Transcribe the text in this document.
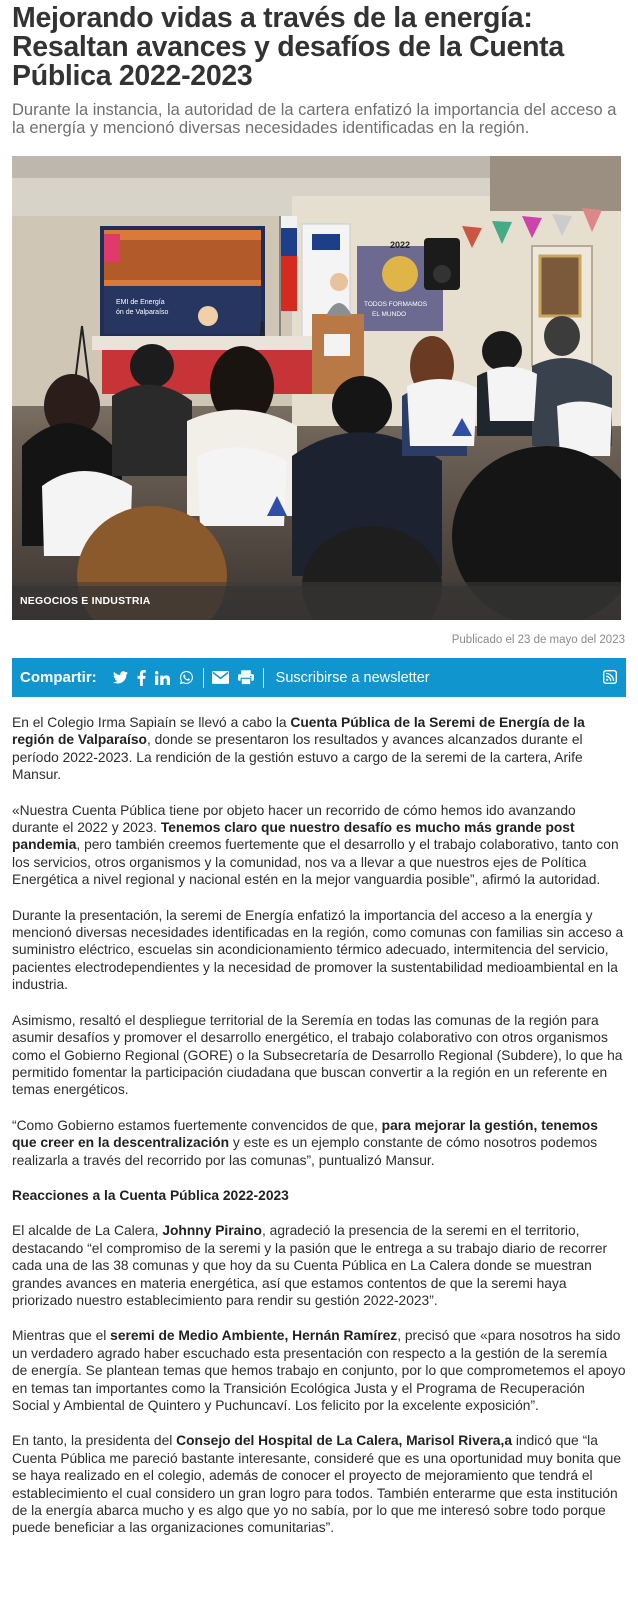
Mejorando vidas a través de la energía: Resaltan avances y desafíos de la Cuenta Pública 2022-2023
Durante la instancia, la autoridad de la cartera enfatizó la importancia del acceso a la energía y mencionó diversas necesidades identificadas en la región.
EMI de Energía
ón de Valparaíso
2022
TODOS FORMAMOS
EL MUNDO
NEGOCIOS E INDUSTRIA
Publicado el 23 de mayo del 2023
Compartir:	Suscribirse a newsletter

En el Colegio Irma Sapiaín se llevó a cabo la Cuenta Pública de la Seremi de Energía de la región de Valparaíso, donde se presentaron los resultados y avances alcanzados durante el período 2022-2023. La rendición de la gestión estuvo a cargo de la seremi de la cartera, Arife Mansur.

«Nuestra Cuenta Pública tiene por objeto hacer un recorrido de cómo hemos ido avanzando durante el 2022 y 2023. Tenemos claro que nuestro desafío es mucho más grande post pandemia, pero también creemos fuertemente que el desarrollo y el trabajo colaborativo, tanto con los servicios, otros organismos y la comunidad, nos va a llevar a que nuestros ejes de Política Energética a nivel regional y nacional estén en la mejor vanguardia posible”, afirmó la autoridad.

Durante la presentación, la seremi de Energía enfatizó la importancia del acceso a la energía y mencionó diversas necesidades identificadas en la región, como comunas con familias sin acceso a suministro eléctrico, escuelas sin acondicionamiento térmico adecuado, intermitencia del servicio, pacientes electrodependientes y la necesidad de promover la sustentabilidad medioambiental en la industria.

Asimismo, resaltó el despliegue territorial de la Seremía en todas las comunas de la región para asumir desafíos y promover el desarrollo energético, el trabajo colaborativo con otros organismos como el Gobierno Regional (GORE) o la Subsecretaría de Desarrollo Regional (Subdere), lo que ha permitido fomentar la participación ciudadana que buscan convertir a la región en un referente en temas energéticos.

“Como Gobierno estamos fuertemente convencidos de que, para mejorar la gestión, tenemos que creer en la descentralización y este es un ejemplo constante de cómo nosotros podemos realizarla a través del recorrido por las comunas”, puntualizó Mansur.

Reacciones a la Cuenta Pública 2022-2023

El alcalde de La Calera, Johnny Piraino, agradeció la presencia de la seremi en el territorio, destacando “el compromiso de la seremi y la pasión que le entrega a su trabajo diario de recorrer cada una de las 38 comunas y que hoy da su Cuenta Pública en La Calera donde se muestran grandes avances en materia energética, así que estamos contentos de que la seremi haya priorizado nuestro establecimiento para rendir su gestión 2022-2023”.

Mientras que el seremi de Medio Ambiente, Hernán Ramírez, precisó que «para nosotros ha sido un verdadero agrado haber escuchado esta presentación con respecto a la gestión de la seremía de energía. Se plantean temas que hemos trabajo en conjunto, por lo que comprometemos el apoyo en temas tan importantes como la Transición Ecológica Justa y el Programa de Recuperación Social y Ambiental de Quintero y Puchuncaví. Los felicito por la excelente exposición”.

En tanto, la presidenta del Consejo del Hospital de La Calera, Marisol Rivera,a indicó que “la Cuenta Pública me pareció bastante interesante, consideré que es una oportunidad muy bonita que se haya realizado en el colegio, además de conocer el proyecto de mejoramiento que tendrá el establecimiento el cual considero un gran logro para todos. También enterarme que esta institución de la energía abarca mucho y es algo que yo no sabía, por lo que me interesó sobre todo porque puede beneficiar a las organizaciones comunitarias”.
